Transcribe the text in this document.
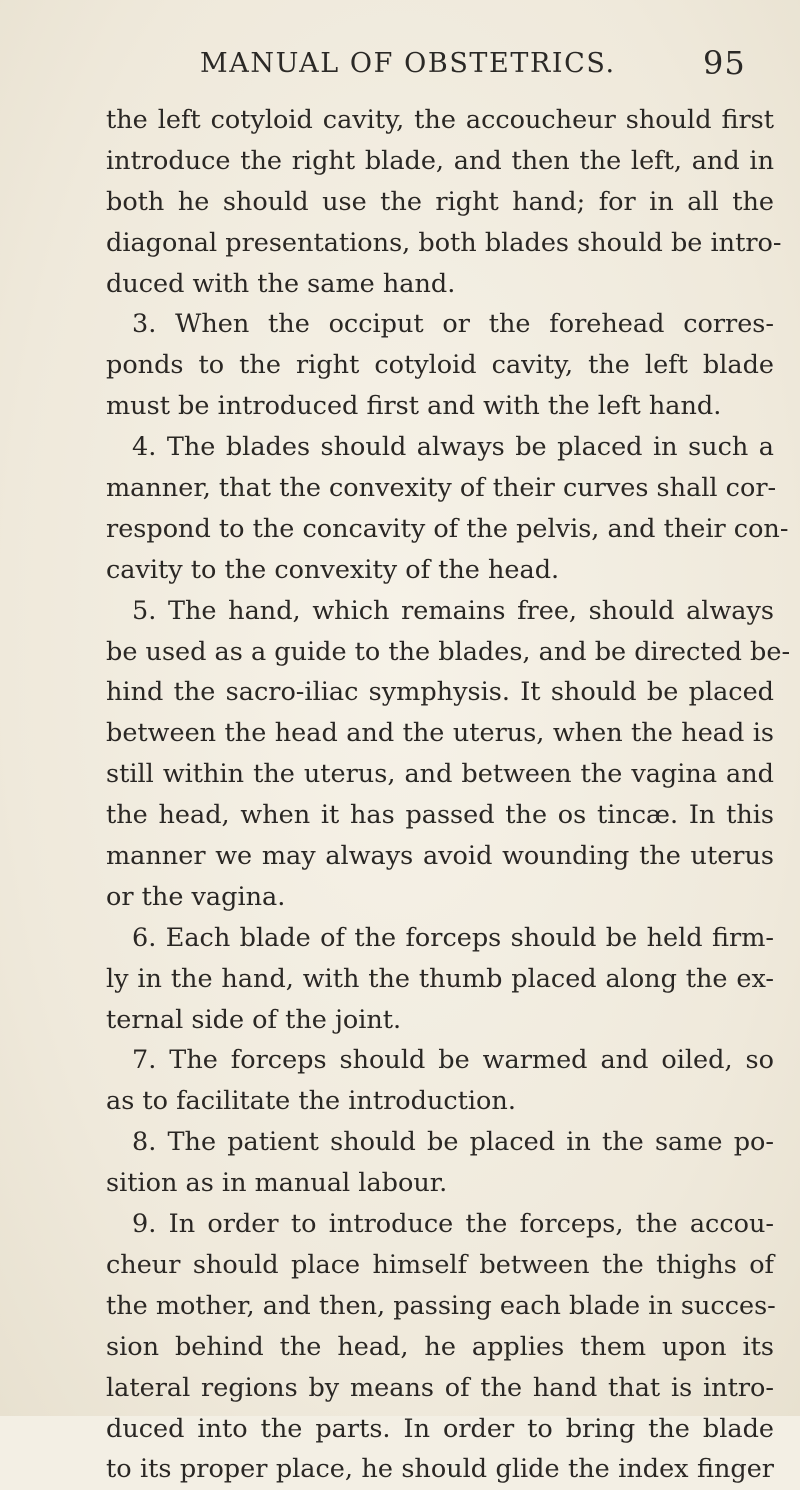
MANUAL OF OBSTETRICS.	95
the left cotyloid cavity, the accoucheur should first
introduce the right blade, and then the left, and in
both he should use the right hand; for in all the
diagonal presentations, both blades should be intro-
duced with the same hand.
3. When the occiput or the forehead corres-
ponds to the right cotyloid cavity, the left blade
must be introduced first and with the left hand.
4. The blades should always be placed in such a
manner, that the convexity of their curves shall cor-
respond to the concavity of the pelvis, and their con-
cavity to the convexity of the head.
5. The hand, which remains free, should always
be used as a guide to the blades, and be directed be-
hind the sacro-iliac symphysis. It should be placed
between the head and the uterus, when the head is
still within the uterus, and between the vagina and
the head, when it has passed the os tincæ. In this
manner we may always avoid wounding the uterus
or the vagina.
6. Each blade of the forceps should be held firm-
ly in the hand, with the thumb placed along the ex-
ternal side of the joint.
7. The forceps should be warmed and oiled, so
as to facilitate the introduction.
8. The patient should be placed in the same po-
sition as in manual labour.
9. In order to introduce the forceps, the accou-
cheur should place himself between the thighs of
the mother, and then, passing each blade in succes-
sion behind the head, he applies them upon its
lateral regions by means of the hand that is intro-
duced into the parts. In order to bring the blade
to its proper place, he should glide the index finger
